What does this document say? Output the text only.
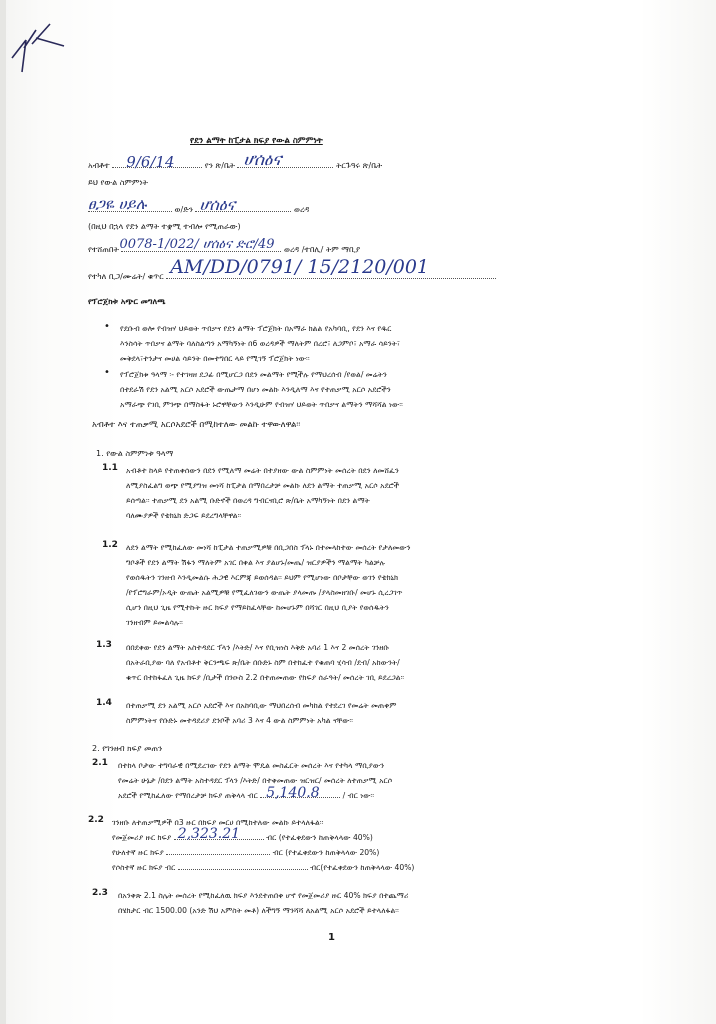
የደን ልማት ከፒታል ክፍያ የውል ስምምነት
አብቶተ 9/6/14	የን ጽ/ቤት ሆሰዕና	ትርጉዓሩ ጽ/ቤት
ይህ የውል ስምምነት
ፀጋዬ ሀይሉ	ወ/ድን ሆሰዕና	ወረዳ
(በዚህ በኋላ የደን ልማት ተቋሚ ተብሎ የሚጠራው)
የተሸጠበት 0078-1/022/ ሆሰዕና ድሮ/49 ወረዳ /ተበሊ/ ትም ማቢያ
የተካለ ቢጋ/ሙሬት/ ቁጥር AM/DD/0791/ 15/2120/001
የፕሮጀክቱ አጭር መግለጫ
• የደቡብ ወሎ የብዝሃ ህይወት ጥበቃና የደን ልማት ፕሮጀክት በአማራ ክልል የአካባቢ, የደን እና የዱር
እንስሳት ጥበቃና ልማት ባለስልጣን አማካኝነት በ6 ወረዳዎች ማለትም በረሮ፣ ለጋምቦ፣ አማራ ሳይንት፣
መቅደላ፣ተንታና መሀል ሳይንት በመተግበር ላይ የሚገኝ ፕሮጀክት ነው፡፡
• የፕሮጀክቱ ዓላማ ፡- የተገዛዘ ደጋፊ በሚሆርጋ በደን መልማት የሚችሉ የማህረሰብ /የወል/ መሬትን
በተደራሽ የደን አልሚ አርሶ አደሮች ውጤታማ በሆነ መልኩ እንዲለማ እና የተጠቃሚ አርሶ አደሮችን
አማራጭ የገቢ ምንጭ በማስፋት ኑሮዋቸውን እንዲሁም የብዝሃ ህይወት ጥበቃና ልማትን ማሻሻል ነው፡፡
አብቶተ እና ተጠቃሚ አርሶአደሮች በሚከተለው መልኩ ተዋውለዋል፡፡
1. የውል ስምምነቱ ዓላማ
1.1 አብቶተ ከላይ የተጠቀሰውን በደን የሚለማ መሬት በተያዘው ውል ስምምነት መሰረት በደን ለመሸፈን
ለሚያስፈልግ ወጭ የሚያግዝ መነሻ ከፒታል በማበረታቻ መልኩ ለደን ልማት ተጠቃሚ አርሶ አደሮች
ይሰጣል፡፡ ተጠቃሚ ደን አልሚ ቡድኖች በወረዳ ግብርናቢሮ ጽ/ቤት አማካኝነት በደን ልማት
ባለሙያዎች የቴክኒክ ድጋፍ ይደረግላቸዋል፡፡
1.2 ለደን ልማት የሚከፈለው መነሻ ከፒታል ተጠቃሚዎቹ በቢጋበስ ፕላኑ በተመላከተው መሰረት የታለመውን
ግቦቶች የደን ልማት ሽፋን ማለትም አገር በቀል እና ያልሆኑ/መጤ/ ዝርያዎችን ማልማት ካልቻሉ
የወሰዱትን ገንዘብ እንዲመልሱ ሕጋዊ እርምጃ ይወሰዳል፡፡ ይህም የሚሆነው በቦታቸው ወገን የቴክኒክ
/የፕሮግራም/ኦዲት ውጤት አልሚዎቹ የሚፈለገውን ውጤት ያላመጡ /ያላስመዘገቡ/ መሆኑ ሲረጋገጥ
ሲሆን በዚህ ጊዜ የሚተኩት ዙር ክፍያ የማይከፈላቸው ከመሆኑም በሻገር በዚህ ቢያት የወሰዱትን
ገንዘብም ይመልሳሉ፡፡
1.3 በበደቀው የደን ልማት አስተዳደር ፕላን /እትድ/ እና የቢዝነስ እቅድ አባሪ 1 እና 2 መሰረት ገንዘቡ
በአትራቢያው ባለ የአብቶተ ቅርንጫፍ ጽ/ቤት በቡድኑ ስም በተከፈተ የቁጠባ ሂሳብ /ደብ/ አከውንት/
ቁጥር በተከፋፈለ ጊዜ ክፍያ /ቢታች በንዑስ 2.2 በተጠመጠው የክፍያ ሰራዓት/ መሰረት ገቢ ይደረጋል፡፡
1.4 በተጠቃሚ ደን አልሚ አርሶ አደሮች እና በአከባቢው ማህበረሰብ መካከል የተደረገ የመሬት መጠቀም
ስምምነትና የቡድኑ መተዳደሪያ ደንቦች አባሪ 3 እና 4 ውል ስምምነት አካል ናቸው፡፡
2. የገንዘብ ክፍያ መጠን
2.1 በተከላ ቦታው ተግባራዊ በሚደረገው የደን ልማት ሞዴል መስፈርት መሰረት እና የተካላ ማቢያውን
የመሬት ሁኔታ /በደን ልማት አስተዳደር ፕላን /እትድ/ በተቀመጠው ዝርዝር/ መሰረት ለተጠቃሚ አርሶ
አደሮች የሚከፈለው የማበረታቻ ክፍያ ጠቅላላ ብር 5,140.8	/ ብር ነው፡፡
2.2 ገንዘቡ ለተጠቃሚዎች በ3 ዙር በክፍያ መርሀ በሚከተለው መልኩ ይተላለፋል፡፡
የመጀመሪያ ዙር ክፍያ 2,323.21	ብር (የተፈቀደውን ከጠቅላላው 40%)
የሁለተኛ ዙር ክፍያ	ብር (የተፈቀደውን ከጠቅላላው 20%)
የሶስተኛ ዙር ክፍያ ብር	ብር(የተፈቀደውን ከጠቅላላው 40%)
2.3 በአንቀጽ 2.1 ስሌት መሰረት የሚከፈለዉ ክፍያ እንደተጠበቀ ሆኖ የመጀመሪያ ዙር 40% ክፍያ በተጨማሪ
በሄክታር ብር 1500.00 (አንድ ሽህ አምስት መቶ) ለችግኝ ማንሻሻ ለአልሚ አርሶ አደሮች ይተላለፋል፡፡
1
